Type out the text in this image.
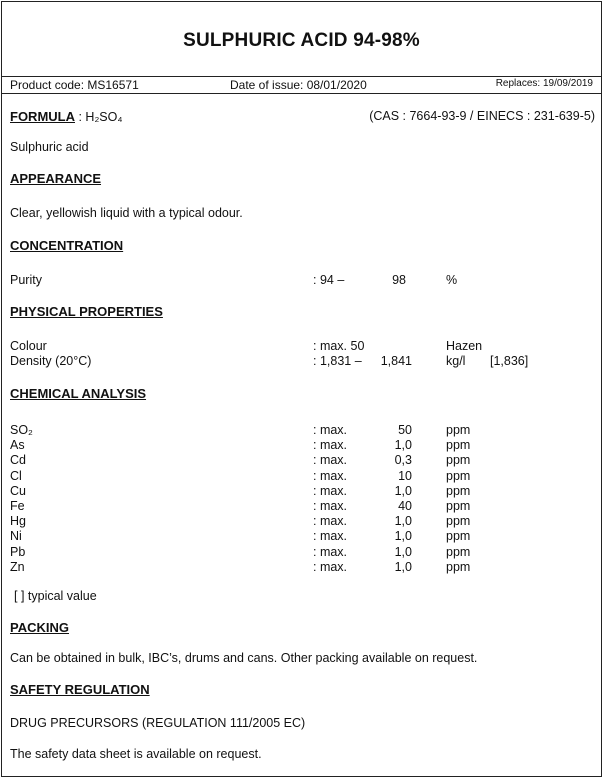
SULPHURIC ACID 94-98%
Product code: MS16571	Date of issue: 08/01/2020	Replaces: 19/09/2019
FORMULA : H₂SO₄	(CAS : 7664-93-9 / EINECS : 231-639-5)
Sulphuric acid
APPEARANCE
Clear, yellowish liquid with a typical odour.
CONCENTRATION
Purity	: 94 –	98	%
PHYSICAL PROPERTIES
Colour	: max. 50	Hazen
Density (20°C)	: 1,831 –	1,841	kg/l [1,836]
CHEMICAL ANALYSIS
SO₂	: max.	50	ppm
As	: max.	1,0	ppm
Cd	: max.	0,3	ppm
Cl	: max.	10	ppm
Cu	: max.	1,0	ppm
Fe	: max.	40	ppm
Hg	: max.	1,0	ppm
Ni	: max.	1,0	ppm
Pb	: max.	1,0	ppm
Zn	: max.	1,0	ppm
[ ] typical value
PACKING
Can be obtained in bulk, IBC’s, drums and cans. Other packing available on request.
SAFETY REGULATION
DRUG PRECURSORS (REGULATION 111/2005 EC)
The safety data sheet is available on request.
